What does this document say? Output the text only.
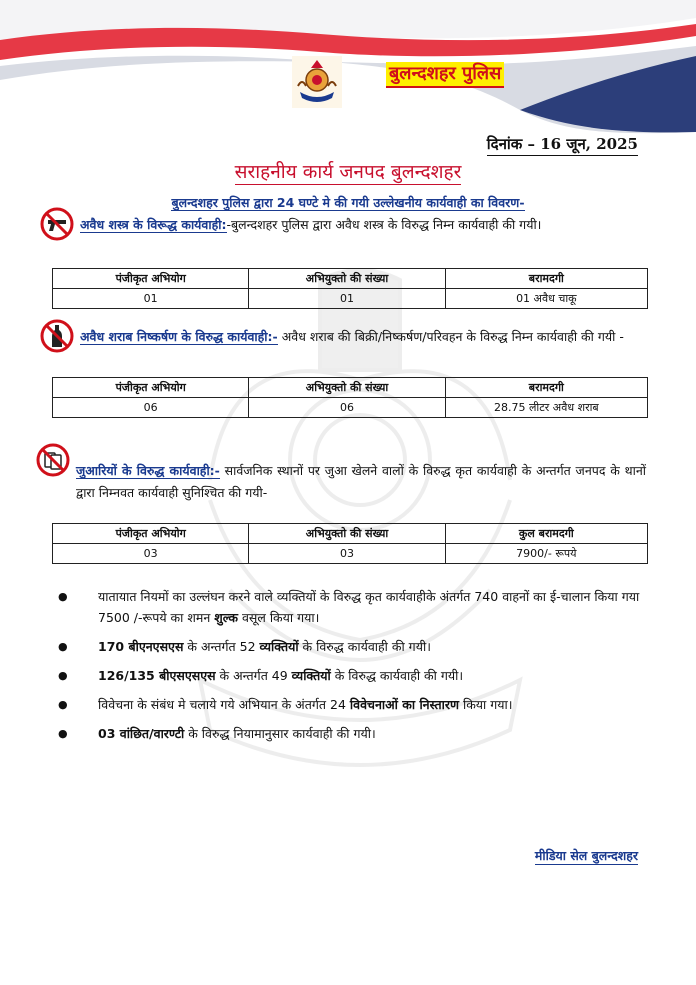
बुलन्दशहर पुलिस
दिनांक – 16 जून, 2025
सराहनीय कार्य जनपद बुलन्दशहर
बुलन्दशहर पुलिस द्वारा 24 घण्टे मे की गयी उल्लेखनीय कार्यवाही का विवरण-
अवैध शस्त्र के विरूद्ध कार्यवाही:-बुलन्दशहर पुलिस द्वारा अवैध शस्त्र के विरुद्ध निम्न कार्यवाही की गयी।
पंजीकृत अभियोग	अभियुक्तो की संख्या	बरामदगी
01	01	01 अवैध चाकू
अवैध शराब निष्कर्षण के विरुद्ध कार्यवाही:- अवैध शराब की बिक्री/निष्कर्षण/परिवहन के विरुद्ध निम्न कार्यवाही की गयी -
पंजीकृत अभियोग	अभियुक्तो की संख्या	बरामदगी
06	06	28.75 लीटर अवैध शराब
जुआरियों के विरुद्ध कार्यवाही:- सार्वजनिक स्थानों पर जुआ खेलने वालों के विरुद्ध कृत कार्यवाही के अन्तर्गत जनपद के थानों द्वारा निम्नवत कार्यवाही सुनिश्चित की गयी-
पंजीकृत अभियोग	अभियुक्तो की संख्या	कुल बरामदगी
03	03	7900/- रूपये
● यातायात नियमों का उल्लंघन करने वाले व्यक्तियों के विरुद्ध कृत कार्यवाहीके अंतर्गत 740 वाहनों का ई-चालान किया गया 7500 /-रूपये का शमन शुल्क वसूल किया गया।
● 170 बीएनएसएस के अन्तर्गत 52 व्यक्तियों के विरुद्ध कार्यवाही की गयी।
● 126/135 बीएसएसएस के अन्तर्गत 49 व्यक्तियों के विरुद्ध कार्यवाही की गयी।
● विवेचना के संबंध मे चलाये गये अभियान के अंतर्गत 24 विवेचनाओं का निस्तारण किया गया।
● 03 वांछित/वारण्टी के विरुद्ध नियामानुसार कार्यवाही की गयी।
मीडिया सेल बुलन्दशहर
